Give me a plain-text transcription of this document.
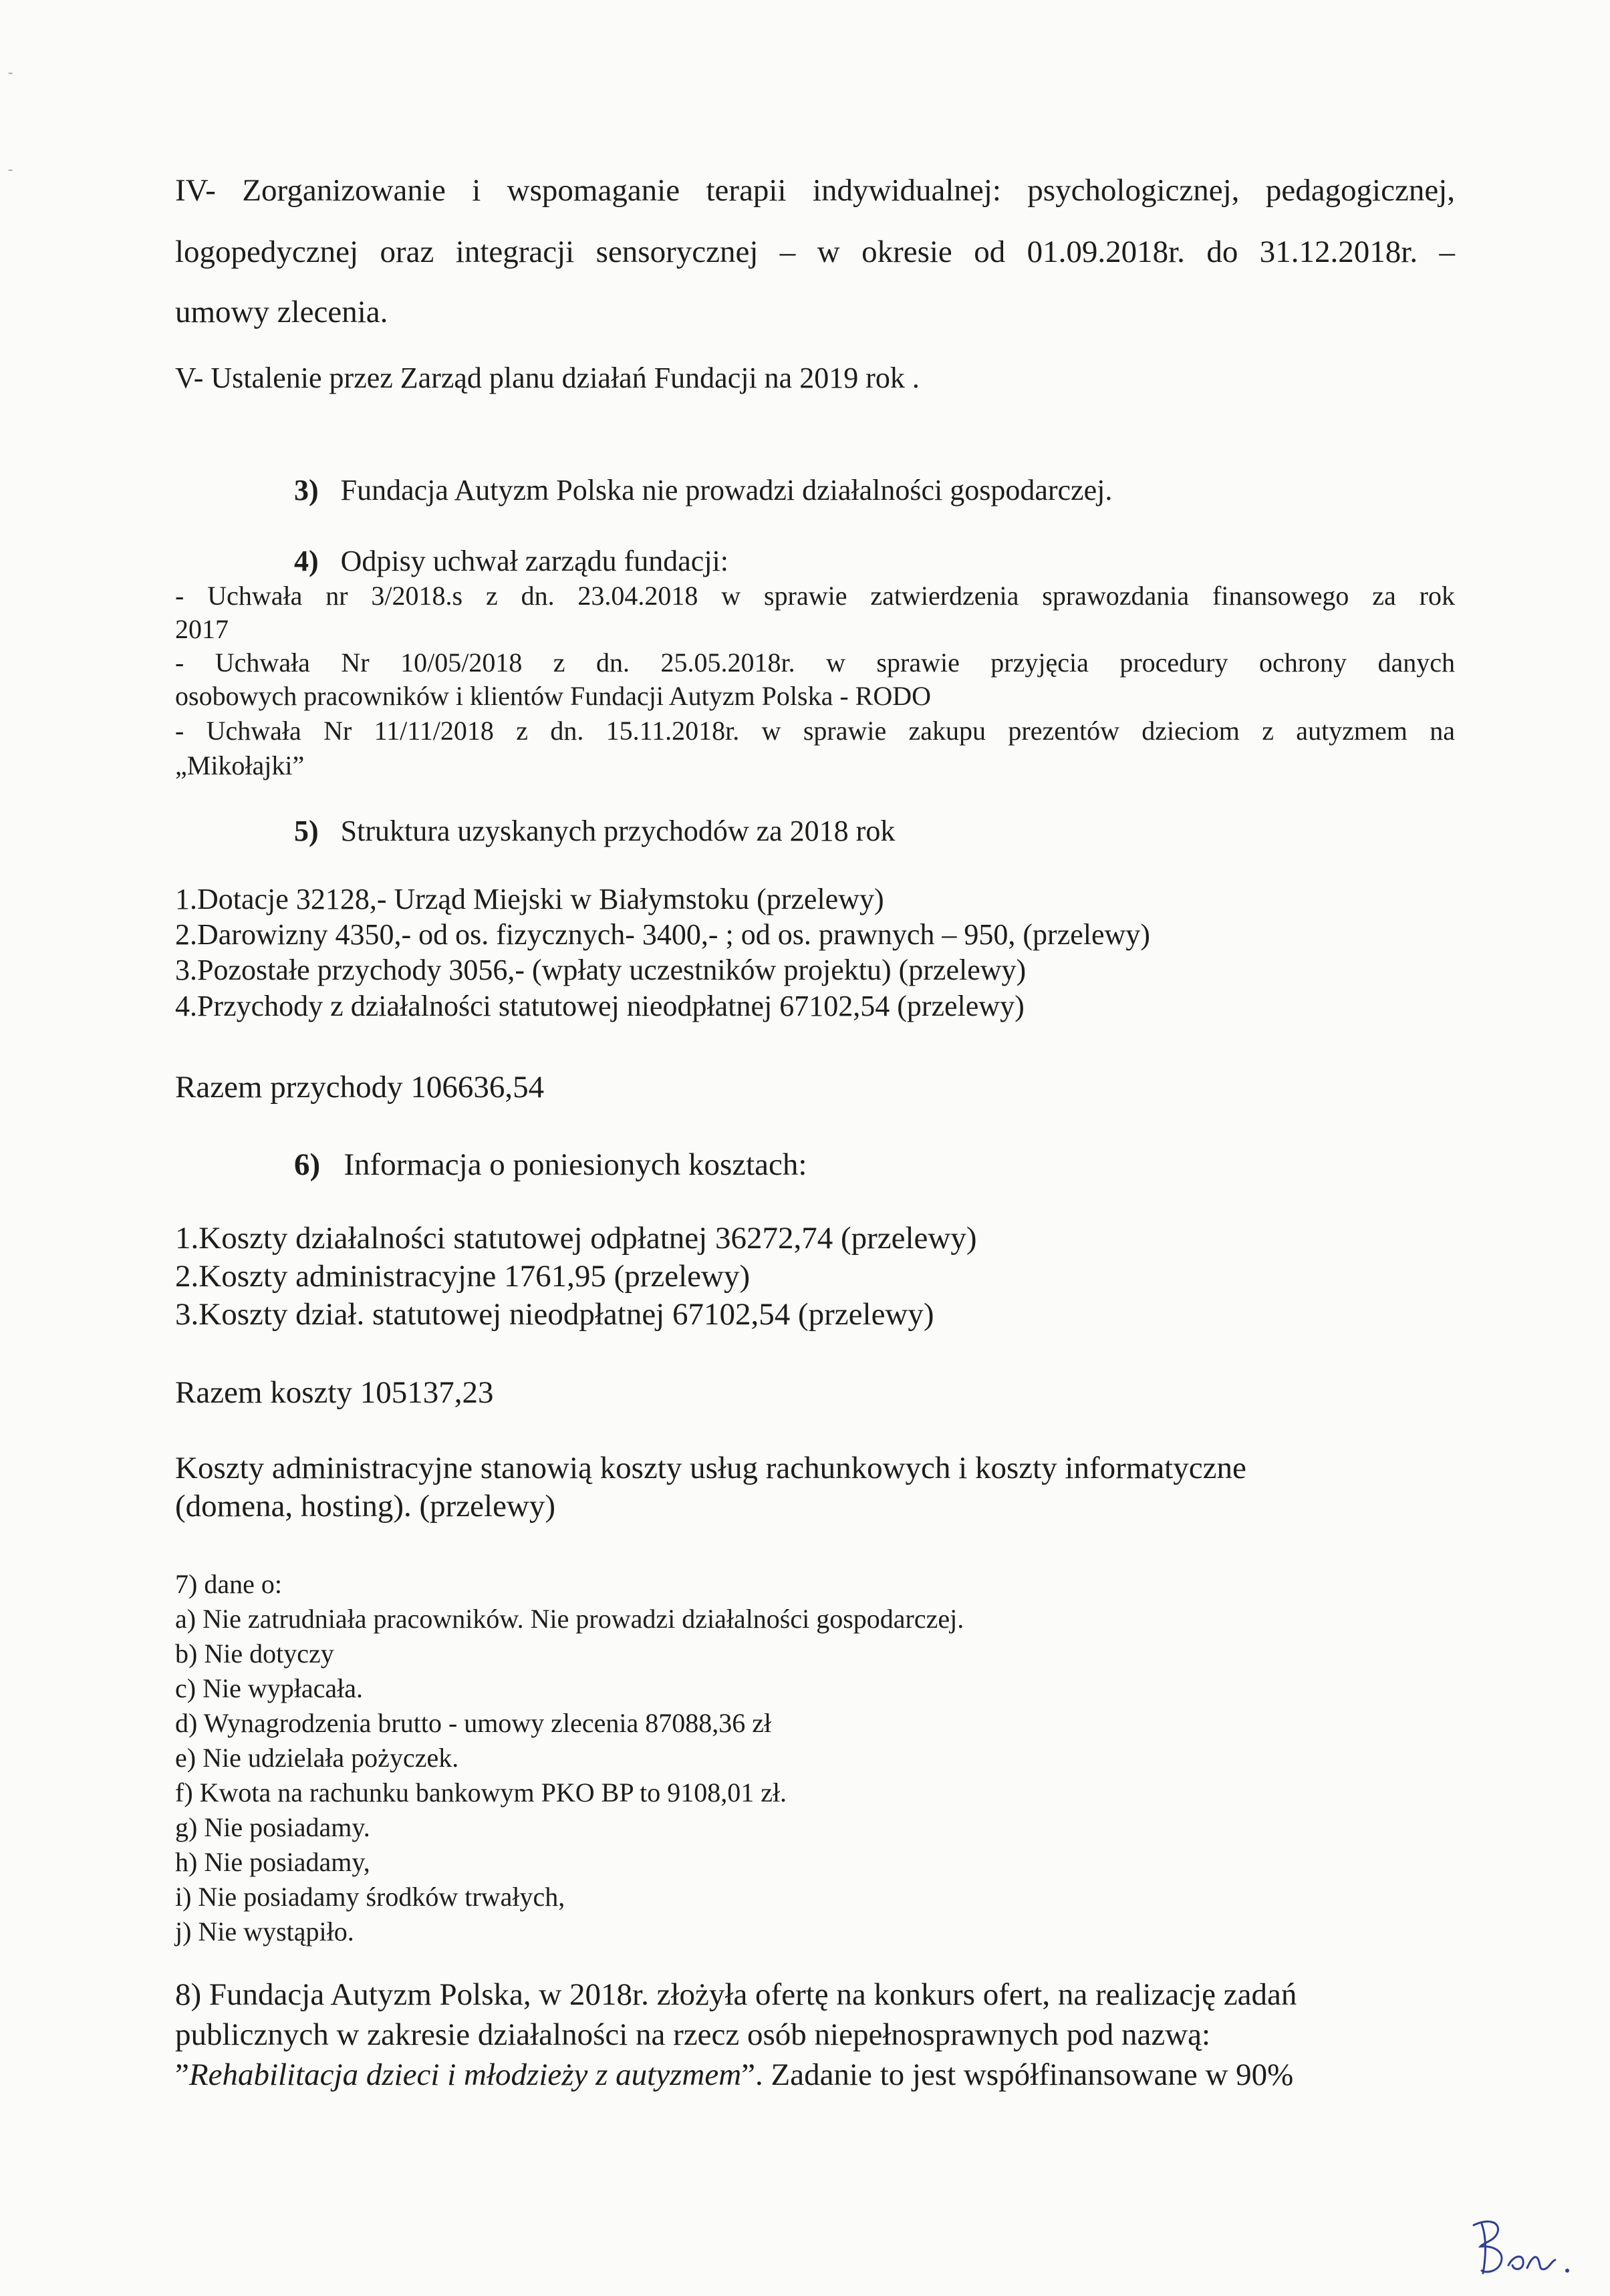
-
-
IV- Zorganizowanie i wspomaganie terapii indywidualnej: psychologicznej, pedagogicznej,
logopedycznej oraz integracji sensorycznej – w okresie od 01.09.2018r. do 31.12.2018r. –
umowy zlecenia.
V- Ustalenie przez Zarząd planu działań Fundacji na 2019 rok .
3) Fundacja Autyzm Polska nie prowadzi działalności gospodarczej.
4) Odpisy uchwał zarządu fundacji:
- Uchwała nr 3/2018.s z dn. 23.04.2018 w sprawie zatwierdzenia sprawozdania finansowego za rok
2017
- Uchwała Nr 10/05/2018 z dn. 25.05.2018r. w sprawie przyjęcia procedury ochrony danych
osobowych pracowników i klientów Fundacji Autyzm Polska - RODO
- Uchwała Nr 11/11/2018 z dn. 15.11.2018r. w sprawie zakupu prezentów dzieciom z autyzmem na
„Mikołajki”
5) Struktura uzyskanych przychodów za 2018 rok
1.Dotacje 32128,- Urząd Miejski w Białymstoku (przelewy)
2.Darowizny 4350,- od os. fizycznych- 3400,- ; od os. prawnych – 950, (przelewy)
3.Pozostałe przychody 3056,- (wpłaty uczestników projektu) (przelewy)
4.Przychody z działalności statutowej nieodpłatnej 67102,54 (przelewy)
Razem przychody 106636,54
6) Informacja o poniesionych kosztach:
1.Koszty działalności statutowej odpłatnej 36272,74 (przelewy)
2.Koszty administracyjne 1761,95 (przelewy)
3.Koszty dział. statutowej nieodpłatnej 67102,54 (przelewy)
Razem koszty 105137,23
Koszty administracyjne stanowią koszty usług rachunkowych i koszty informatyczne
(domena, hosting). (przelewy)
7) dane o:
a) Nie zatrudniała pracowników. Nie prowadzi działalności gospodarczej.
b) Nie dotyczy
c) Nie wypłacała.
d) Wynagrodzenia brutto - umowy zlecenia 87088,36 zł
e) Nie udzielała pożyczek.
f) Kwota na rachunku bankowym PKO BP to 9108,01 zł.
g) Nie posiadamy.
h) Nie posiadamy,
i) Nie posiadamy środków trwałych,
j) Nie wystąpiło.
8) Fundacja Autyzm Polska, w 2018r. złożyła ofertę na konkurs ofert, na realizację zadań
publicznych w zakresie działalności na rzecz osób niepełnosprawnych pod nazwą:
”Rehabilitacja dzieci i młodzieży z autyzmem”. Zadanie to jest współfinansowane w 90%
